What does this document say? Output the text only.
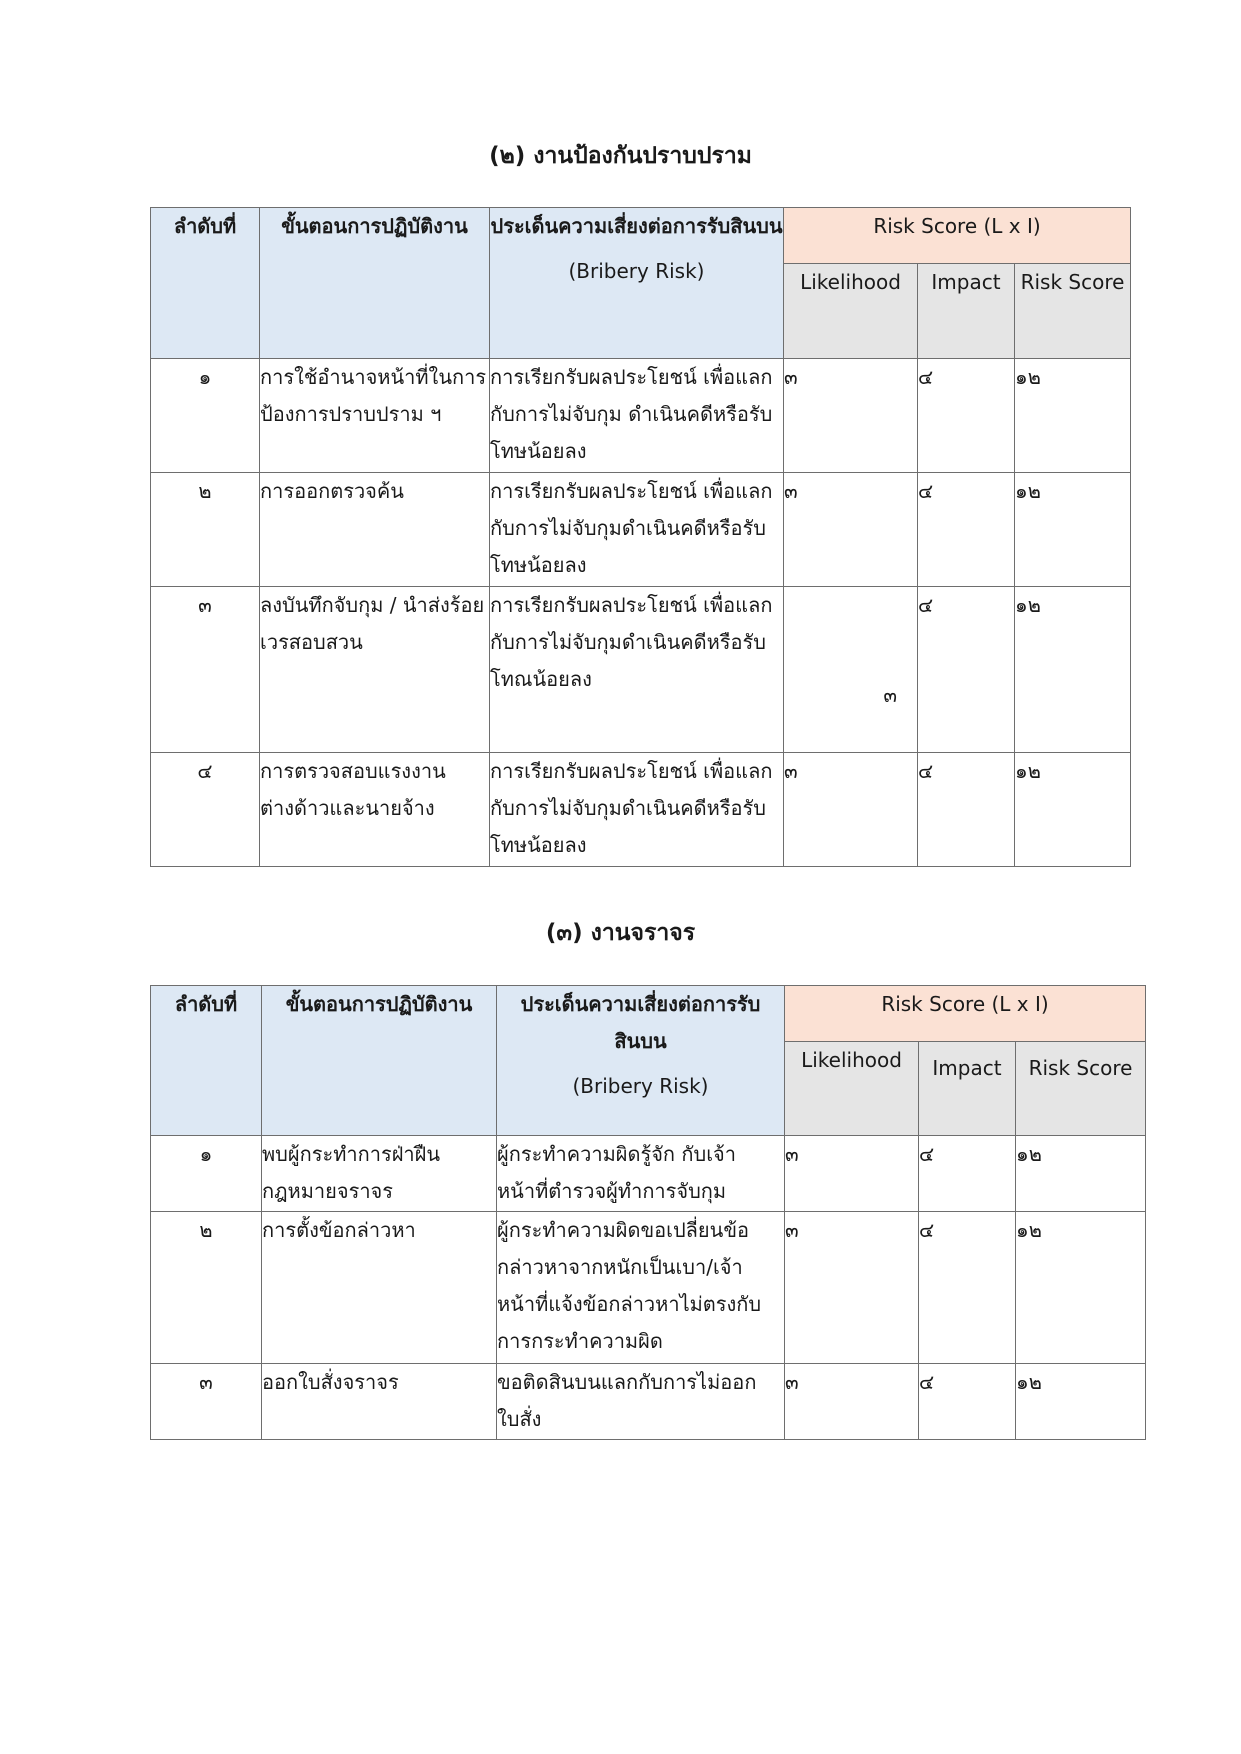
(๒) งานป้องกันปราบปราม
ลำดับที่	ขั้นตอนการปฏิบัติงาน	ประเด็นความเสี่ยงต่อการรับสินบน
(Bribery Risk)	Risk Score (L x I)		
			Likelihood	Impact	Risk Score
๑	การใช้อำนาจหน้าที่ในการป้องการปราบปราม ฯ	การเรียกรับผลประโยชน์ เพื่อแลกกับการไม่จับกุม ดำเนินคดีหรือรับโทษน้อยลง	๓	๔	๑๒
๒	การออกตรวจค้น	การเรียกรับผลประโยชน์ เพื่อแลกกับการไม่จับกุมดำเนินคดีหรือรับโทษน้อยลง	๓	๔	๑๒
๓	ลงบันทึกจับกุม / นำส่งร้อยเวรสอบสวน	การเรียกรับผลประโยชน์ เพื่อแลกกับการไม่จับกุมดำเนินคดีหรือรับโทณน้อยลง	๓	๔	๑๒
๔	การตรวจสอบแรงงานต่างด้าวและนายจ้าง	การเรียกรับผลประโยชน์ เพื่อแลกกับการไม่จับกุมดำเนินคดีหรือรับโทษน้อยลง	๓	๔	๑๒
(๓) งานจราจร
ลำดับที่	ขั้นตอนการปฏิบัติงาน	ประเด็นความเสี่ยงต่อการรับสินบน
(Bribery Risk)	Risk Score (L x I)		
			Likelihood	Impact	Risk Score
๑	พบผู้กระทำการฝ่าฝืนกฎหมายจราจร	ผู้กระทำความผิดรู้จัก กับเจ้าหน้าที่ตำรวจผู้ทำการจับกุม	๓	๔	๑๒
๒	การตั้งข้อกล่าวหา	ผู้กระทำความผิดขอเปลี่ยนข้อกล่าวหาจากหนักเป็นเบา/เจ้าหน้าที่แจ้งข้อกล่าวหาไม่ตรงกับการกระทำความผิด	๓	๔	๑๒
๓	ออกใบสั่งจราจร	ขอติดสินบนแลกกับการไม่ออกใบสั่ง	๓	๔	๑๒
